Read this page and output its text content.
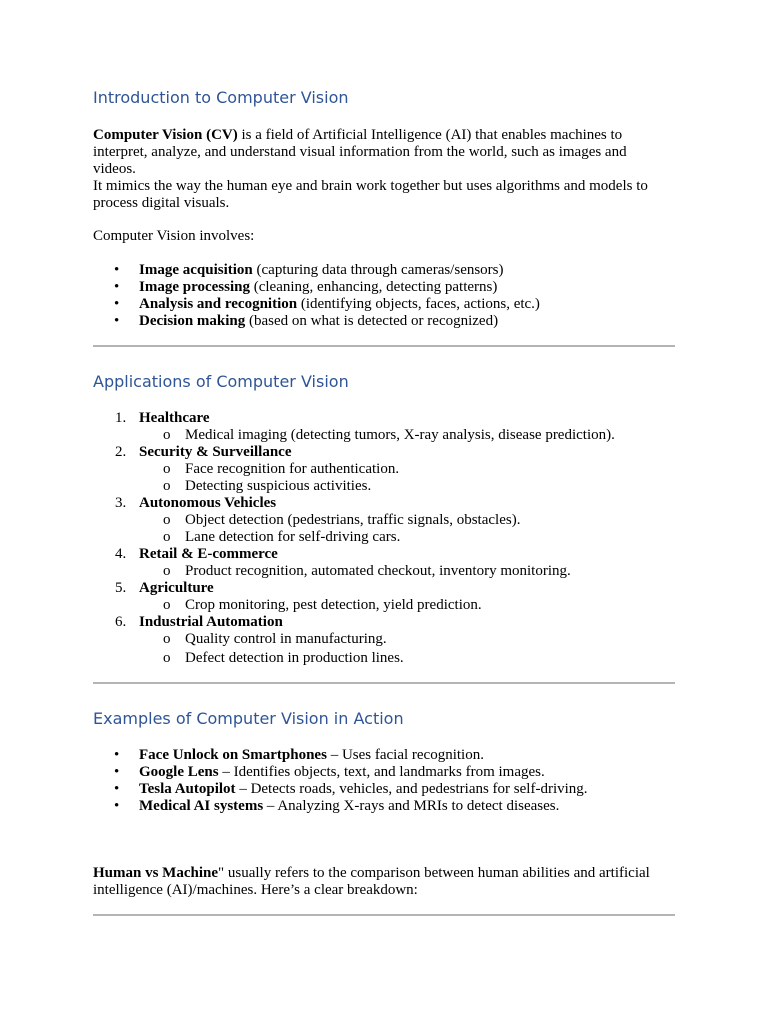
Introduction to Computer Vision
Computer Vision (CV) is a field of Artificial Intelligence (AI) that enables machines to
interpret, analyze, and understand visual information from the world, such as images and
videos.
It mimics the way the human eye and brain work together but uses algorithms and models to
process digital visuals.
Computer Vision involves:
• Image acquisition (capturing data through cameras/sensors)
• Image processing (cleaning, enhancing, detecting patterns)
• Analysis and recognition (identifying objects, faces, actions, etc.)
• Decision making (based on what is detected or recognized)
Applications of Computer Vision
1. Healthcare
o Medical imaging (detecting tumors, X-ray analysis, disease prediction).
2. Security & Surveillance
o Face recognition for authentication.
o Detecting suspicious activities.
3. Autonomous Vehicles
o Object detection (pedestrians, traffic signals, obstacles).
o Lane detection for self-driving cars.
4. Retail & E-commerce
o Product recognition, automated checkout, inventory monitoring.
5. Agriculture
o Crop monitoring, pest detection, yield prediction.
6. Industrial Automation
o Quality control in manufacturing.
o Defect detection in production lines.
Examples of Computer Vision in Action
• Face Unlock on Smartphones – Uses facial recognition.
• Google Lens – Identifies objects, text, and landmarks from images.
• Tesla Autopilot – Detects roads, vehicles, and pedestrians for self-driving.
• Medical AI systems – Analyzing X-rays and MRIs to detect diseases.
Human vs Machine" usually refers to the comparison between human abilities and artificial
intelligence (AI)/machines. Here’s a clear breakdown:
